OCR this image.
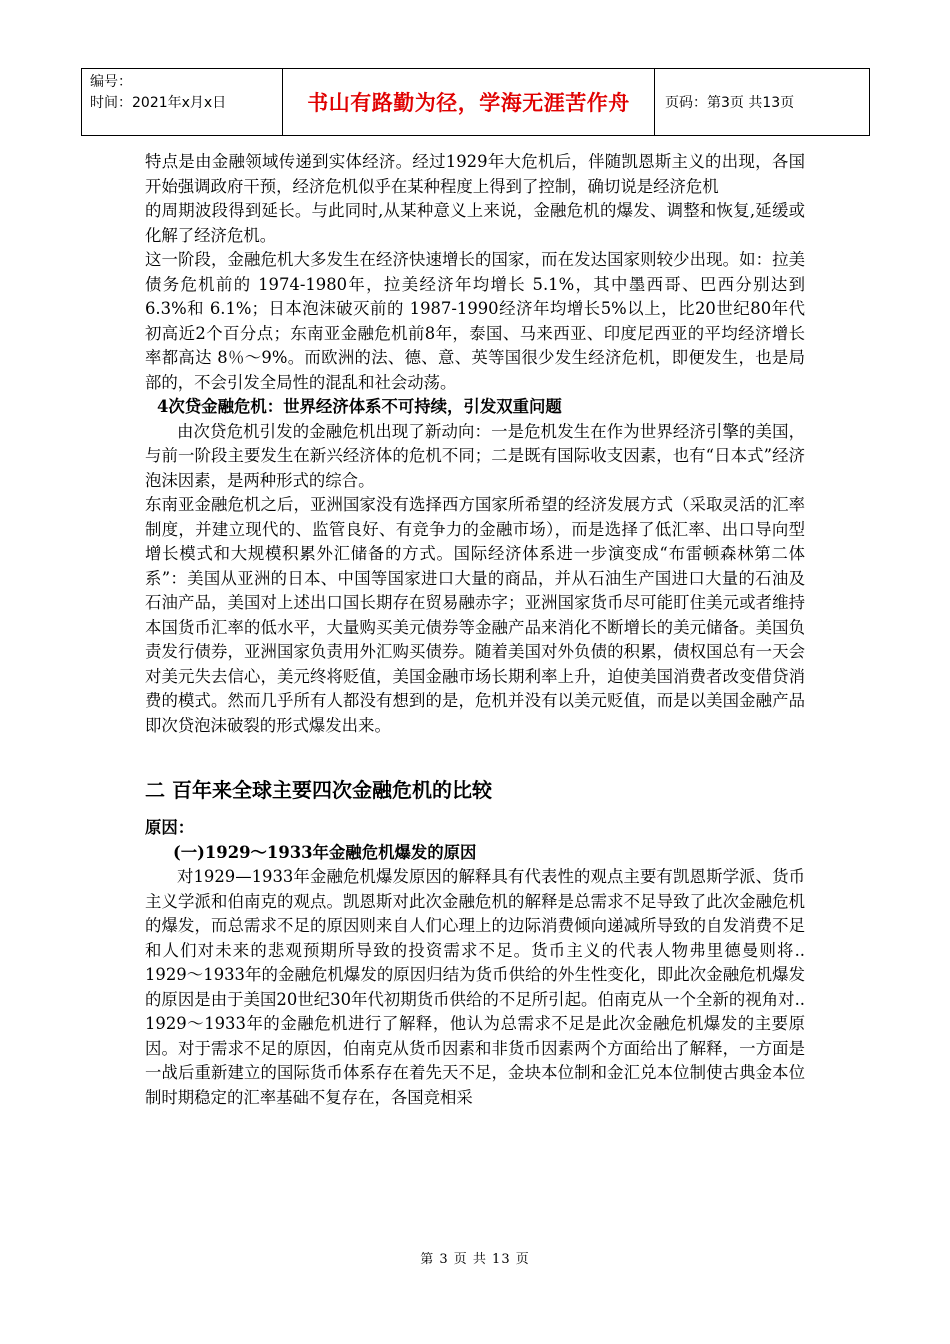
编号：
时间：2021年x月x日	书山有路勤为径，学海无涯苦作舟	页码：第3页 共13页

特点是由金融领域传递到实体经济。经过1929年大危机后，伴随凯恩斯主义的出现，各国开始强调政府干预，经济危机似乎在某种程度上得到了控制，确切说是经济危机

的周期波段得到延长。与此同时,从某种意义上来说，金融危机的爆发、调整和恢复,延缓或化解了经济危机。

这一阶段，金融危机大多发生在经济快速增长的国家，而在发达国家则较少出现。如：拉美债务危机前的 1974-1980年，拉美经济年均增长 5.1%，其中墨西哥、巴西分别达到 6.3%和 6.1%；日本泡沫破灭前的 1987-1990经济年均增长5%以上，比20世纪80年代初高近2个百分点；东南亚金融危机前8年，泰国、马来西亚、印度尼西亚的平均经济增长率都高达 8％～9%。而欧洲的法、德、意、英等国很少发生经济危机，即便发生，也是局部的，不会引发全局性的混乱和社会动荡。

4次贷金融危机：世界经济体系不可持续，引发双重问题

由次贷危机引发的金融危机出现了新动向：一是危机发生在作为世界经济引擎的美国，与前一阶段主要发生在新兴经济体的危机不同；二是既有国际收支因素，也有“日本式”经济泡沫因素，是两种形式的综合。

东南亚金融危机之后，亚洲国家没有选择西方国家所希望的经济发展方式（采取灵活的汇率制度，并建立现代的、监管良好、有竞争力的金融市场），而是选择了低汇率、出口导向型增长模式和大规模积累外汇储备的方式。国际经济体系进一步演变成“布雷顿森林第二体系”：美国从亚洲的日本、中国等国家进口大量的商品，并从石油生产国进口大量的石油及石油产品，美国对上述出口国长期存在贸易融赤字；亚洲国家货币尽可能盯住美元或者维持本国货币汇率的低水平，大量购买美元债券等金融产品来消化不断增长的美元储备。美国负责发行债券，亚洲国家负责用外汇购买债券。随着美国对外负债的积累，债权国总有一天会对美元失去信心，美元终将贬值，美国金融市场长期利率上升，迫使美国消费者改变借贷消费的模式。然而几乎所有人都没有想到的是，危机并没有以美元贬值，而是以美国金融产品即次贷泡沫破裂的形式爆发出来。

二 百年来全球主要四次金融危机的比较

原因：

(一)1929～1933年金融危机爆发的原因

对1929—1933年金融危机爆发原因的解释具有代表性的观点主要有凯恩斯学派、货币主义学派和伯南克的观点。凯恩斯对此次金融危机的解释是总需求不足导致了此次金融危机的爆发，而总需求不足的原因则来自人们心理上的边际消费倾向递减所导致的自发消费不足和人们对未来的悲观预期所导致的投资需求不足。货币主义的代表人物弗里德曼则将.. 1929～1933年的金融危机爆发的原因归结为货币供给的外生性变化，即此次金融危机爆发的原因是由于美国20世纪30年代初期货币供给的不足所引起。伯南克从一个全新的视角对.. 1929～1933年的金融危机进行了解释，他认为总需求不足是此次金融危机爆发的主要原因。对于需求不足的原因，伯南克从货币因素和非货币因素两个方面给出了解释，一方面是一战后重新建立的国际货币体系存在着先天不足，金块本位制和金汇兑本位制使古典金本位制时期稳定的汇率基础不复存在，各国竞相采

第 3 页 共 13 页
